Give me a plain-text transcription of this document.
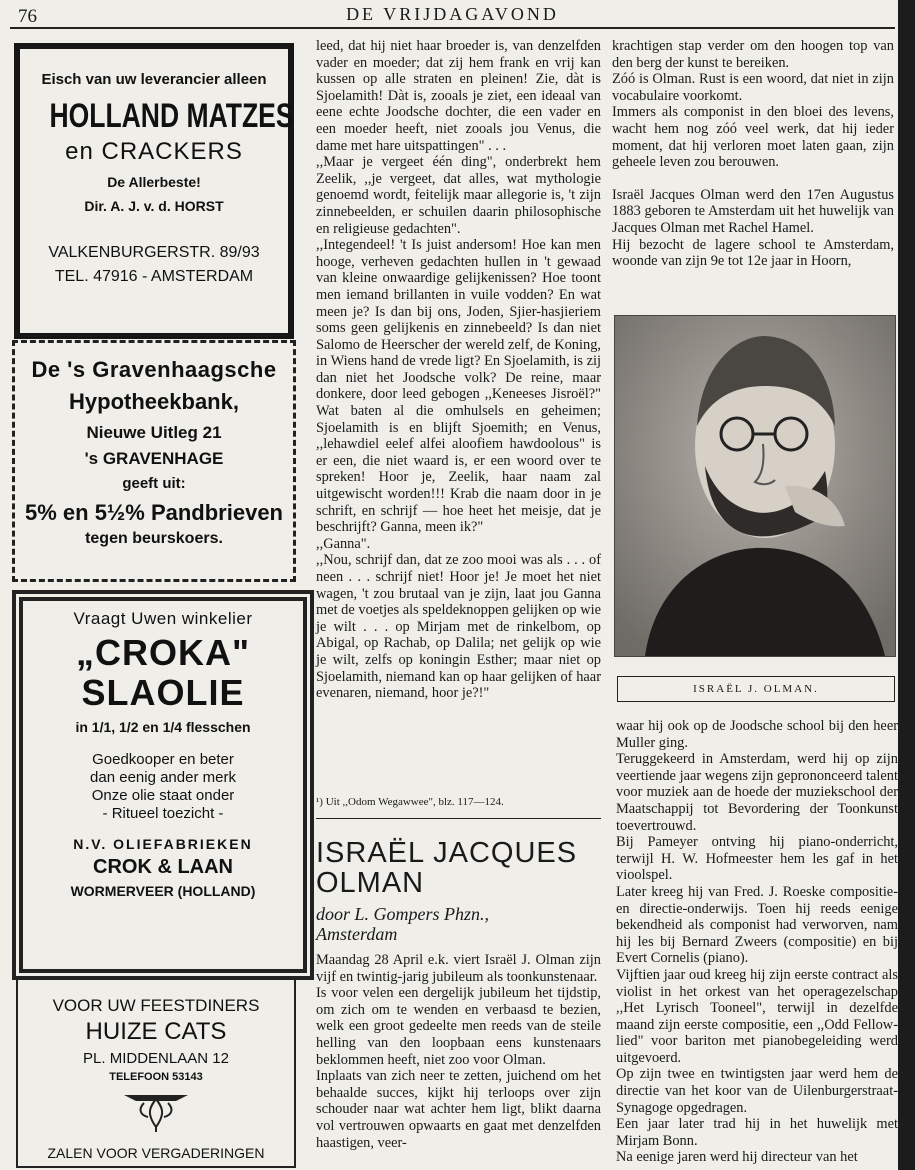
76	DE VRIJDAGAVOND
Eisch van uw leverancier alleen
HOLLAND MATZES
en CRACKERS
De Allerbeste!
Dir. A. J. v. d. HORST
VALKENBURGERSTR. 89/93
TEL. 47916 - AMSTERDAM
De 's Gravenhaagsche
Hypotheekbank,
Nieuwe Uitleg 21
's GRAVENHAGE
geeft uit:
5% en 5½% Pandbrieven
tegen beurskoers.
Vraagt Uwen winkelier
„CROKA"
SLAOLIE
in 1/1, 1/2 en 1/4 flesschen
Goedkooper en beter
dan eenig ander merk
Onze olie staat onder
- Ritueel toezicht -
N.V. OLIEFABRIEKEN
CROK & LAAN
WORMERVEER (HOLLAND)
VOOR UW FEESTDINERS
HUIZE CATS
PL. MIDDENLAAN 12
TELEFOON 53143
ZALEN VOOR VERGADERINGEN

leed, dat hij niet haar broeder is, van denzelfden vader en moeder; dat zij hem frank en vrij kan kussen op alle straten en pleinen! Zie, dàt is Sjoelamith! Dàt is, zooals je ziet, een ideaal van eene echte Joodsche dochter, die een vader en een moeder heeft, niet zooals jou Venus, die dame met hare uitspattingen" . . .

,,Maar je vergeet één ding", onderbrekt hem Zeelik, ,,je vergeet, dat alles, wat mythologie genoemd wordt, feitelijk maar allegorie is, 't zijn zinnebeelden, er schuilen daarin philosophische en religieuse gedachten".

,,Integendeel! 't Is juist andersom! Hoe kan men hooge, verheven gedachten hullen in 't gewaad van kleine onwaardige gelijkenissen? Hoe toont men iemand brillanten in vuile vodden? En wat meen je? Is dan bij ons, Joden, Sjier-hasjieriem soms geen gelijkenis en zinnebeeld? Is dan niet Salomo de Heerscher der wereld zelf, de Koning, in Wiens hand de vrede ligt? En Sjoelamith, is zij dan niet het Joodsche volk? De reine, maar donkere, door leed gebogen ,,Keneeses Jisroël?" Wat baten al die omhulsels en geheimen; Sjoelamith is en blijft Sjoemith; en Venus, ,,lehawdiel eelef alfei aloofiem hawdoolous" is er een, die niet waard is, er een woord over te spreken! Hoor je, Zeelik, haar naam zal uitgewischt worden!!! Krab die naam door in je schrift, en schrijf — hoe heet het meisje, dat je beschrijft? Ganna, meen ik?"

,,Ganna".

,,Nou, schrijf dan, dat ze zoo mooi was als . . . of neen . . . schrijf niet! Hoor je! Je moet het niet wagen, 't zou brutaal van je zijn, laat jou Ganna met de voetjes als speldeknoppen gelijken op wie je wilt . . . op Mirjam met de rinkelbom, op Abigal, op Rachab, op Dalila; net gelijk op wie je wilt, zelfs op koningin Esther; maar niet op Sjoelamith, niemand kan op haar gelijken of haar evenaren, niemand, hoor je?!"

¹) Uit ,,Odom Wegawwee", blz. 117—124.
ISRAËL JACQUES
OLMAN
door L. Gompers Phzn.,
Amsterdam

Maandag 28 April e.k. viert Israël J. Olman zijn vijf en twintig-jarig jubileum als toonkunstenaar.

Is voor velen een dergelijk jubileum het tijdstip, om zich om te wenden en verbaasd te bezien, welk een groot gedeelte men reeds van de steile helling van den loopbaan eens kunstenaars beklommen heeft, niet zoo voor Olman.

Inplaats van zich neer te zetten, juichend om het behaalde succes, kijkt hij terloops over zijn schouder naar wat achter hem ligt, blikt daarna vol vertrouwen opwaarts en gaat met denzelfden haastigen, veer-

krachtigen stap verder om den hoogen top van den berg der kunst te bereiken.

Zóó is Olman. Rust is een woord, dat niet in zijn vocabulaire voorkomt.

Immers als componist in den bloei des levens, wacht hem nog zóó veel werk, dat hij ieder moment, dat hij verloren moet laten gaan, zijn geheele leven zou berouwen.

Israël Jacques Olman werd den 17en Augustus 1883 geboren te Amsterdam uit het huwelijk van Jacques Olman met Rachel Hamel.

Hij bezocht de lagere school te Amsterdam, woonde van zijn 9e tot 12e jaar in Hoorn,

ISRAËL J. OLMAN.

waar hij ook op de Joodsche school bij den heer Muller ging.

Teruggekeerd in Amsterdam, werd hij op zijn veertiende jaar wegens zijn geprononceerd talent voor muziek aan de hoede der muziekschool der Maatschappij tot Bevordering der Toonkunst toevertrouwd.

Bij Pameyer ontving hij piano-onderricht, terwijl H. W. Hofmeester hem les gaf in het vioolspel.

Later kreeg hij van Fred. J. Roeske compositie- en directie-onderwijs. Toen hij reeds eenige bekendheid als componist had verworven, nam hij les bij Bernard Zweers (compositie) en bij Evert Cornelis (piano).

Vijftien jaar oud kreeg hij zijn eerste contract als violist in het orkest van het operagezelschap ,,Het Lyrisch Tooneel", terwijl in dezelfde maand zijn eerste compositie, een ,,Odd Fellow-lied" voor bariton met pianobegeleiding werd uitgevoerd.

Op zijn twee en twintigsten jaar werd hem de directie van het koor van de Uilenburgerstraat-Synagoge opgedragen.

Een jaar later trad hij in het huwelijk met Mirjam Bonn.

Na eenige jaren werd hij directeur van het
